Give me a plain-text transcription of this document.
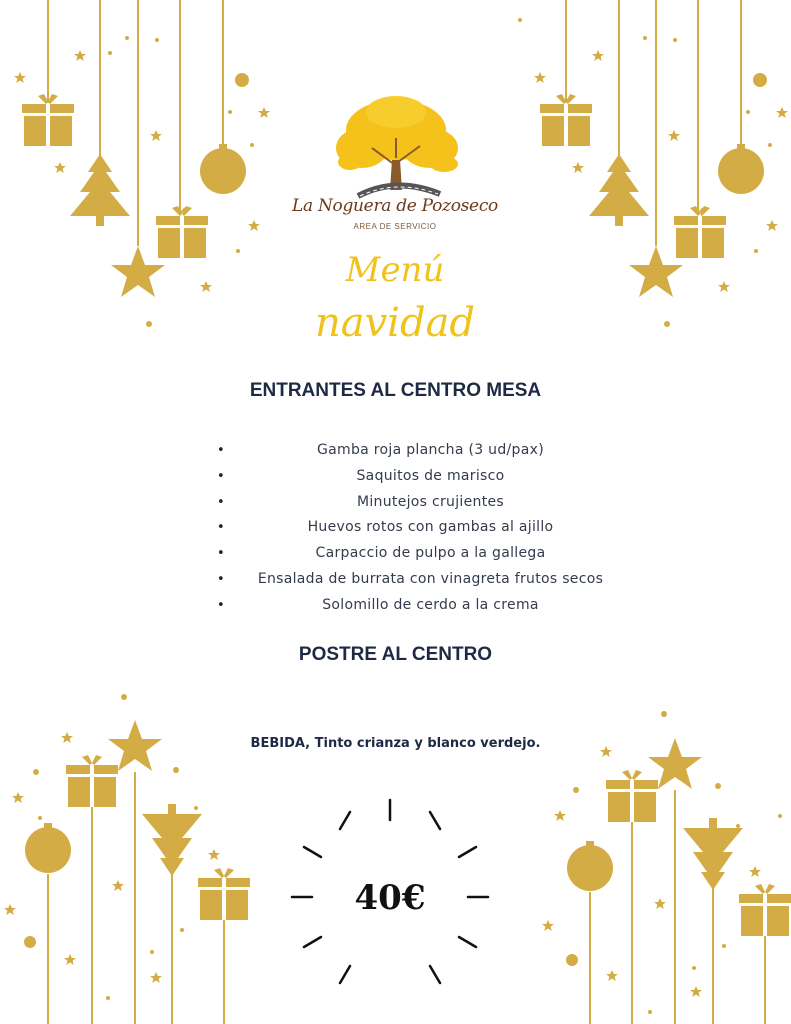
La Noguera de Pozoseco
AREA DE SERVICIO
Menú
navidad
ENTRANTES AL CENTRO MESA
•	Gamba roja plancha (3 ud/pax)
•	Saquitos de marisco
•	Minutejos crujientes
•	Huevos rotos con gambas al ajillo
•	Carpaccio de pulpo a la gallega
• Ensalada de burrata con vinagreta frutos secos
•	Solomillo de cerdo a la crema
POSTRE AL CENTRO
BEBIDA, Tinto crianza y blanco verdejo.
40€
